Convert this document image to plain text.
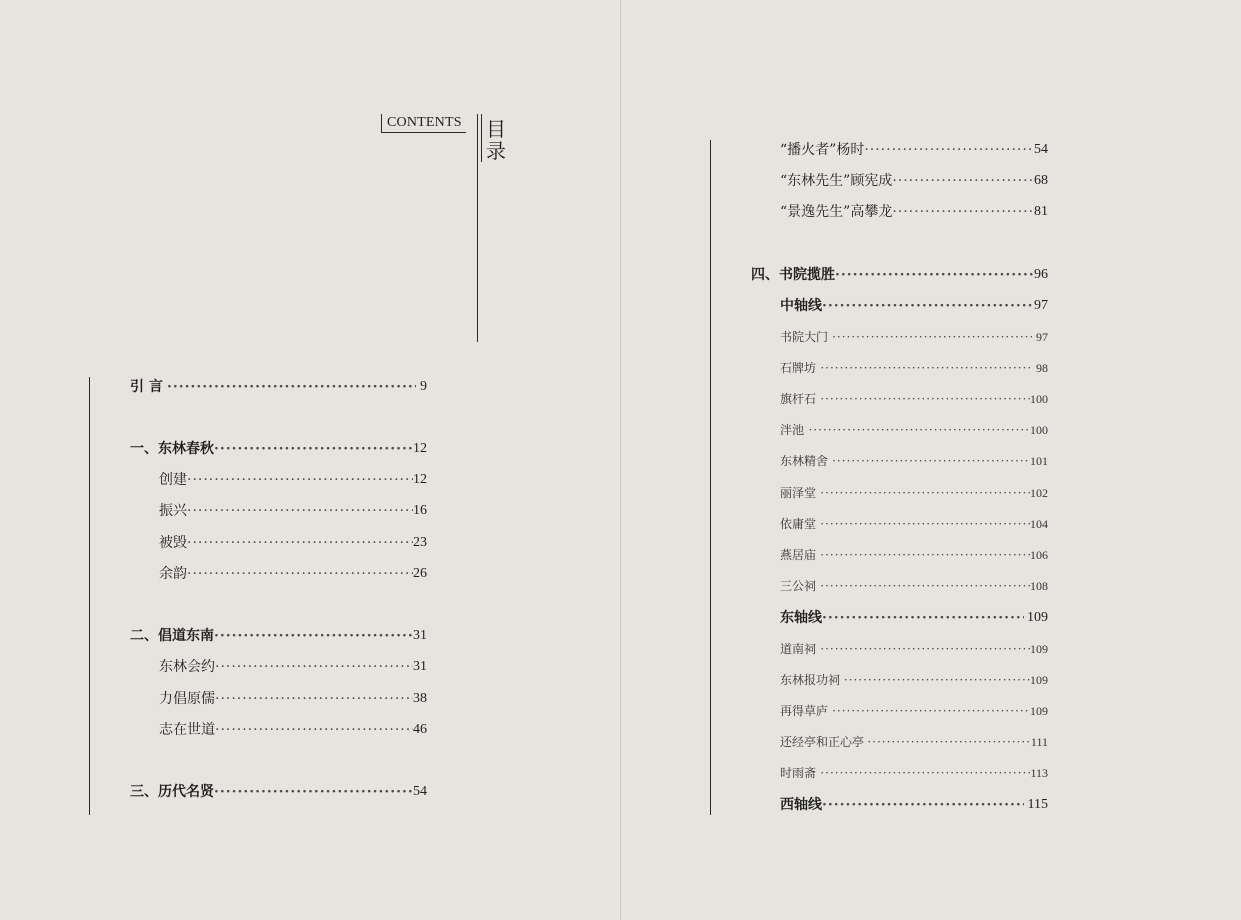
CONTENTS 目
录
引 言 ·····	9
一、东林春秋 ·····	12
创建 ·····	12
振兴 ·····	16
被毁 ·····	23
余韵 ·····	26
二、倡道东南 ·····	31
东林会约 ·····	31
力倡原儒 ·····	38
志在世道 ·····	46
三、历代名贤 ·····	54
“播火者”杨时 ·····	54
“东林先生”顾宪成 ·····	68
“景逸先生”高攀龙 ·····	81
四、书院揽胜 ·····	96
中轴线 ·····	97
书院大门 ·····	97
石牌坊 ·····	98
旗杆石 ·····	100
泮池 ·····	100
东林精舍 ·····	101
丽泽堂 ·····	102
依庸堂 ·····	104
燕居庙 ·····	106
三公祠 ·····	108
东轴线 ·····	109
道南祠 ·····	109
东林报功祠 ·····	109
再得草庐 ·····	109
还经亭和正心亭 ·····	111
时雨斋 ·····	113
西轴线 ·····	115
